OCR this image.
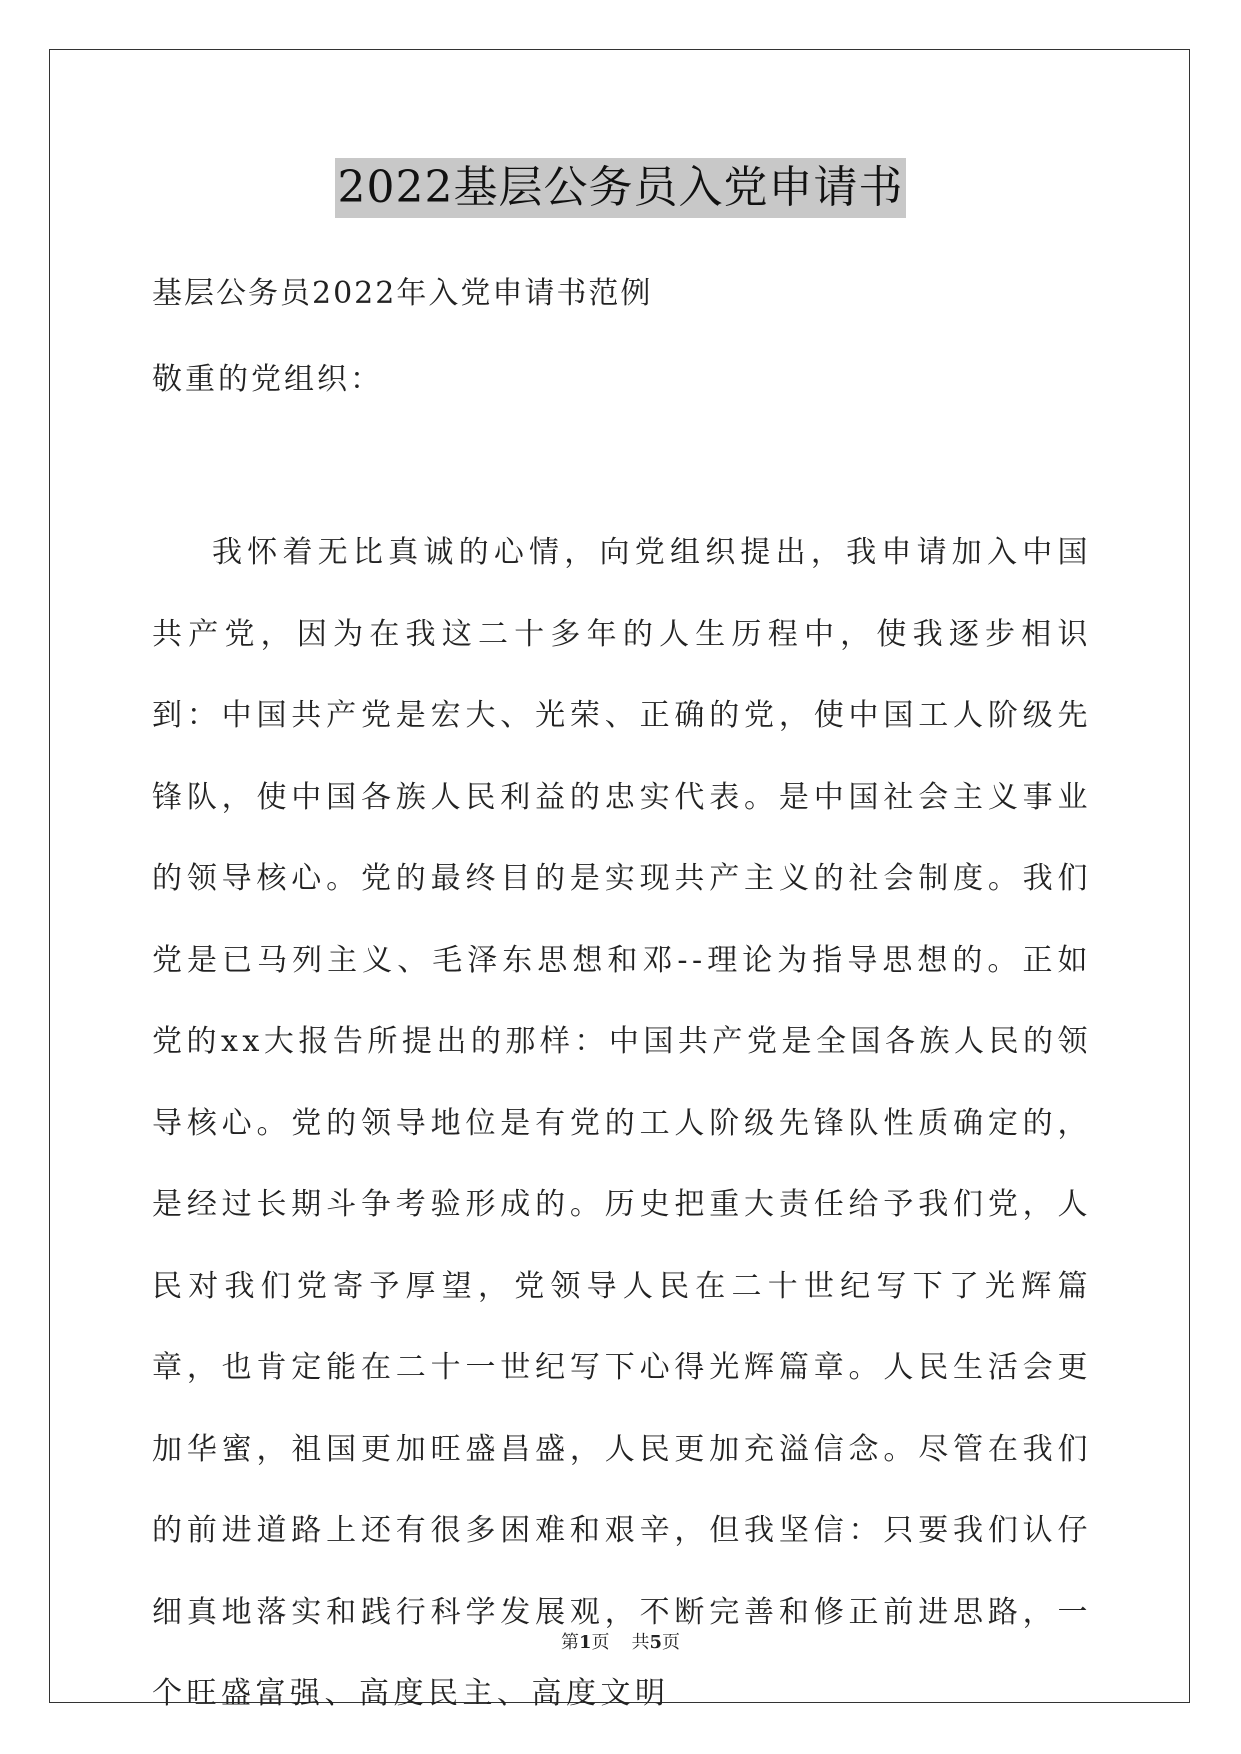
2022基层公务员入党申请书
基层公务员2022年入党申请书范例
敬重的党组织：

我怀着无比真诚的心情，向党组织提出，我申请加入中国共产党，因为在我这二十多年的人生历程中，使我逐步相识到：中国共产党是宏大、光荣、正确的党，使中国工人阶级先锋队，使中国各族人民利益的忠实代表。是中国社会主义事业的领导核心。党的最终目的是实现共产主义的社会制度。我们党是已马列主义、毛泽东思想和邓--理论为指导思想的。正如党的xx大报告所提出的那样：中国共产党是全国各族人民的领导核心。党的领导地位是有党的工人阶级先锋队性质确定的，是经过长期斗争考验形成的。历史把重大责任给予我们党，人民对我们党寄予厚望，党领导人民在二十世纪写下了光辉篇章，也肯定能在二十一世纪写下心得光辉篇章。人民生活会更加华蜜，祖国更加旺盛昌盛，人民更加充溢信念。尽管在我们的前进道路上还有很多困难和艰辛，但我坚信：只要我们认仔细真地落实和践行科学发展观，不断完善和修正前进思路，一个旺盛富强、高度民主、高度文明

第1页 共5页
